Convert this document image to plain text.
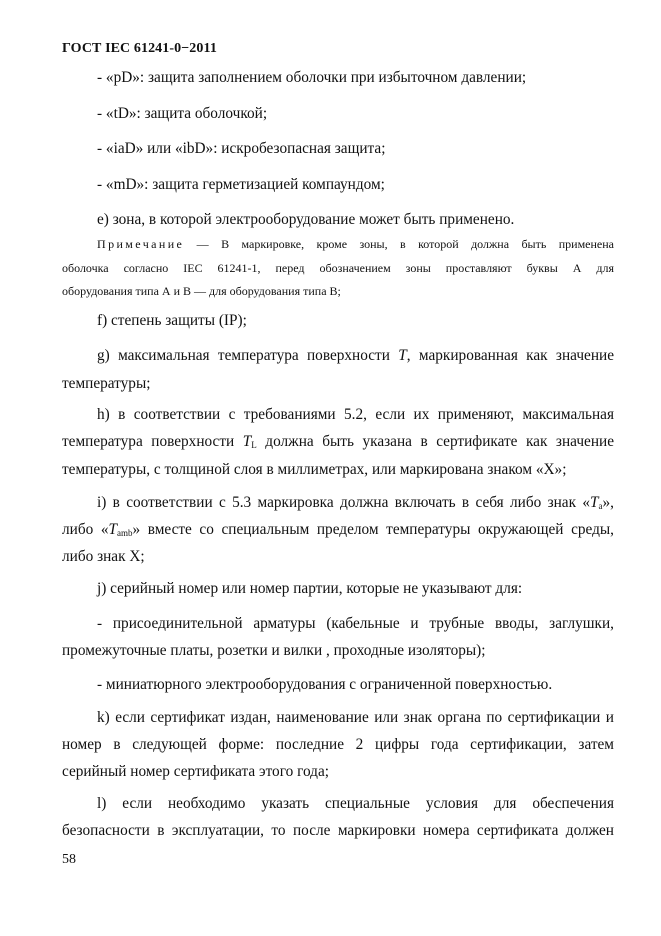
ГОСТ IEC 61241-0−2011
- «pD»: защита заполнением оболочки при избыточном давлении;
- «tD»: защита оболочкой;
- «iaD» или «ibD»: искробезопасная защита;
- «mD»: защита герметизацией компаундом;
e) зона, в которой электрооборудование может быть применено.
Примечание — В маркировке, кроме зоны, в которой должна быть применена
оболочка согласно IEC 61241-1, перед обозначением зоны проставляют буквы А для
оборудования типа А и В — для оборудования типа В;
f) степень защиты (IP);
g) максимальная температура поверхности T, маркированная как значение
температуры;
h) в соответствии с требованиями 5.2, если их применяют, максимальная
температура поверхности $T_L$ должна быть указана в сертификате как значение
температуры, с толщиной слоя в миллиметрах, или маркирована знаком «X»;
i) в соответствии с 5.3 маркировка должна включать в себя либо знак «$T_a$»,
либо «$T_{amb}$» вместе со специальным пределом температуры окружающей среды,
либо знак X;
j) серийный номер или номер партии, которые не указывают для:
- присоединительной арматуры (кабельные и трубные вводы, заглушки,
промежуточные платы, розетки и вилки , проходные изоляторы);
- миниатюрного электрооборудования с ограниченной поверхностью.
k) если сертификат издан, наименование или знак органа по сертификации и
номер в следующей форме: последние 2 цифры года сертификации, затем
серийный номер сертификата этого года;
l) если необходимо указать специальные условия для обеспечения
безопасности в эксплуатации, то после маркировки номера сертификата должен
58
